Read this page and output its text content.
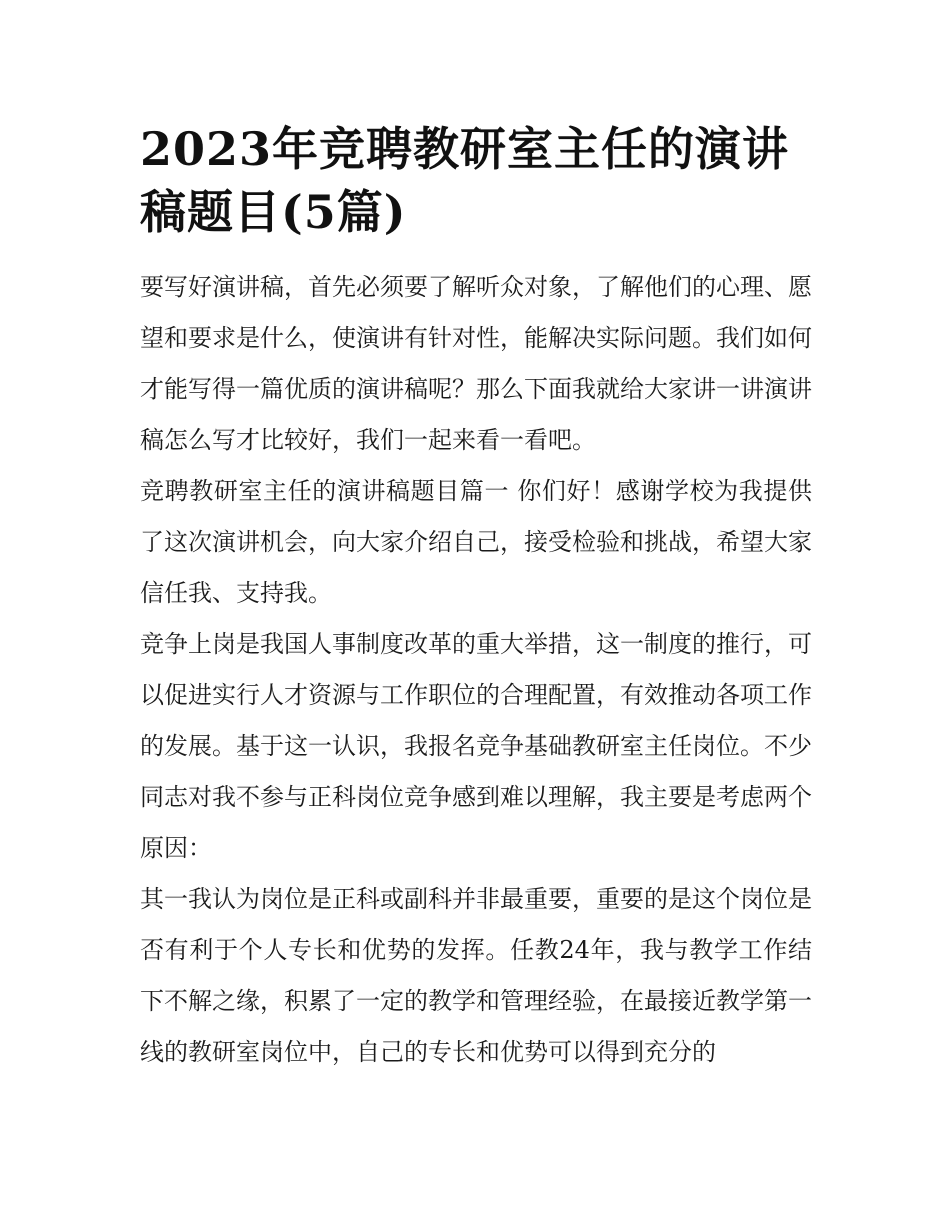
2023年竞聘教研室主任的演讲稿题目(5篇)

要写好演讲稿，首先必须要了解听众对象，了解他们的心理、愿望和要求是什么，使演讲有针对性，能解决实际问题。我们如何才能写得一篇优质的演讲稿呢？那么下面我就给大家讲一讲演讲稿怎么写才比较好，我们一起来看一看吧。

竞聘教研室主任的演讲稿题目篇一 你们好！感谢学校为我提供了这次演讲机会，向大家介绍自己，接受检验和挑战，希望大家信任我、支持我。

竞争上岗是我国人事制度改革的重大举措，这一制度的推行，可以促进实行人才资源与工作职位的合理配置，有效推动各项工作的发展。基于这一认识，我报名竞争基础教研室主任岗位。不少同志对我不参与正科岗位竞争感到难以理解，我主要是考虑两个原因：

其一我认为岗位是正科或副科并非最重要，重要的是这个岗位是否有利于个人专长和优势的发挥。任教24年，我与教学工作结下不解之缘，积累了一定的教学和管理经验，在最接近教学第一线的教研室岗位中，自己的专长和优势可以得到充分的
